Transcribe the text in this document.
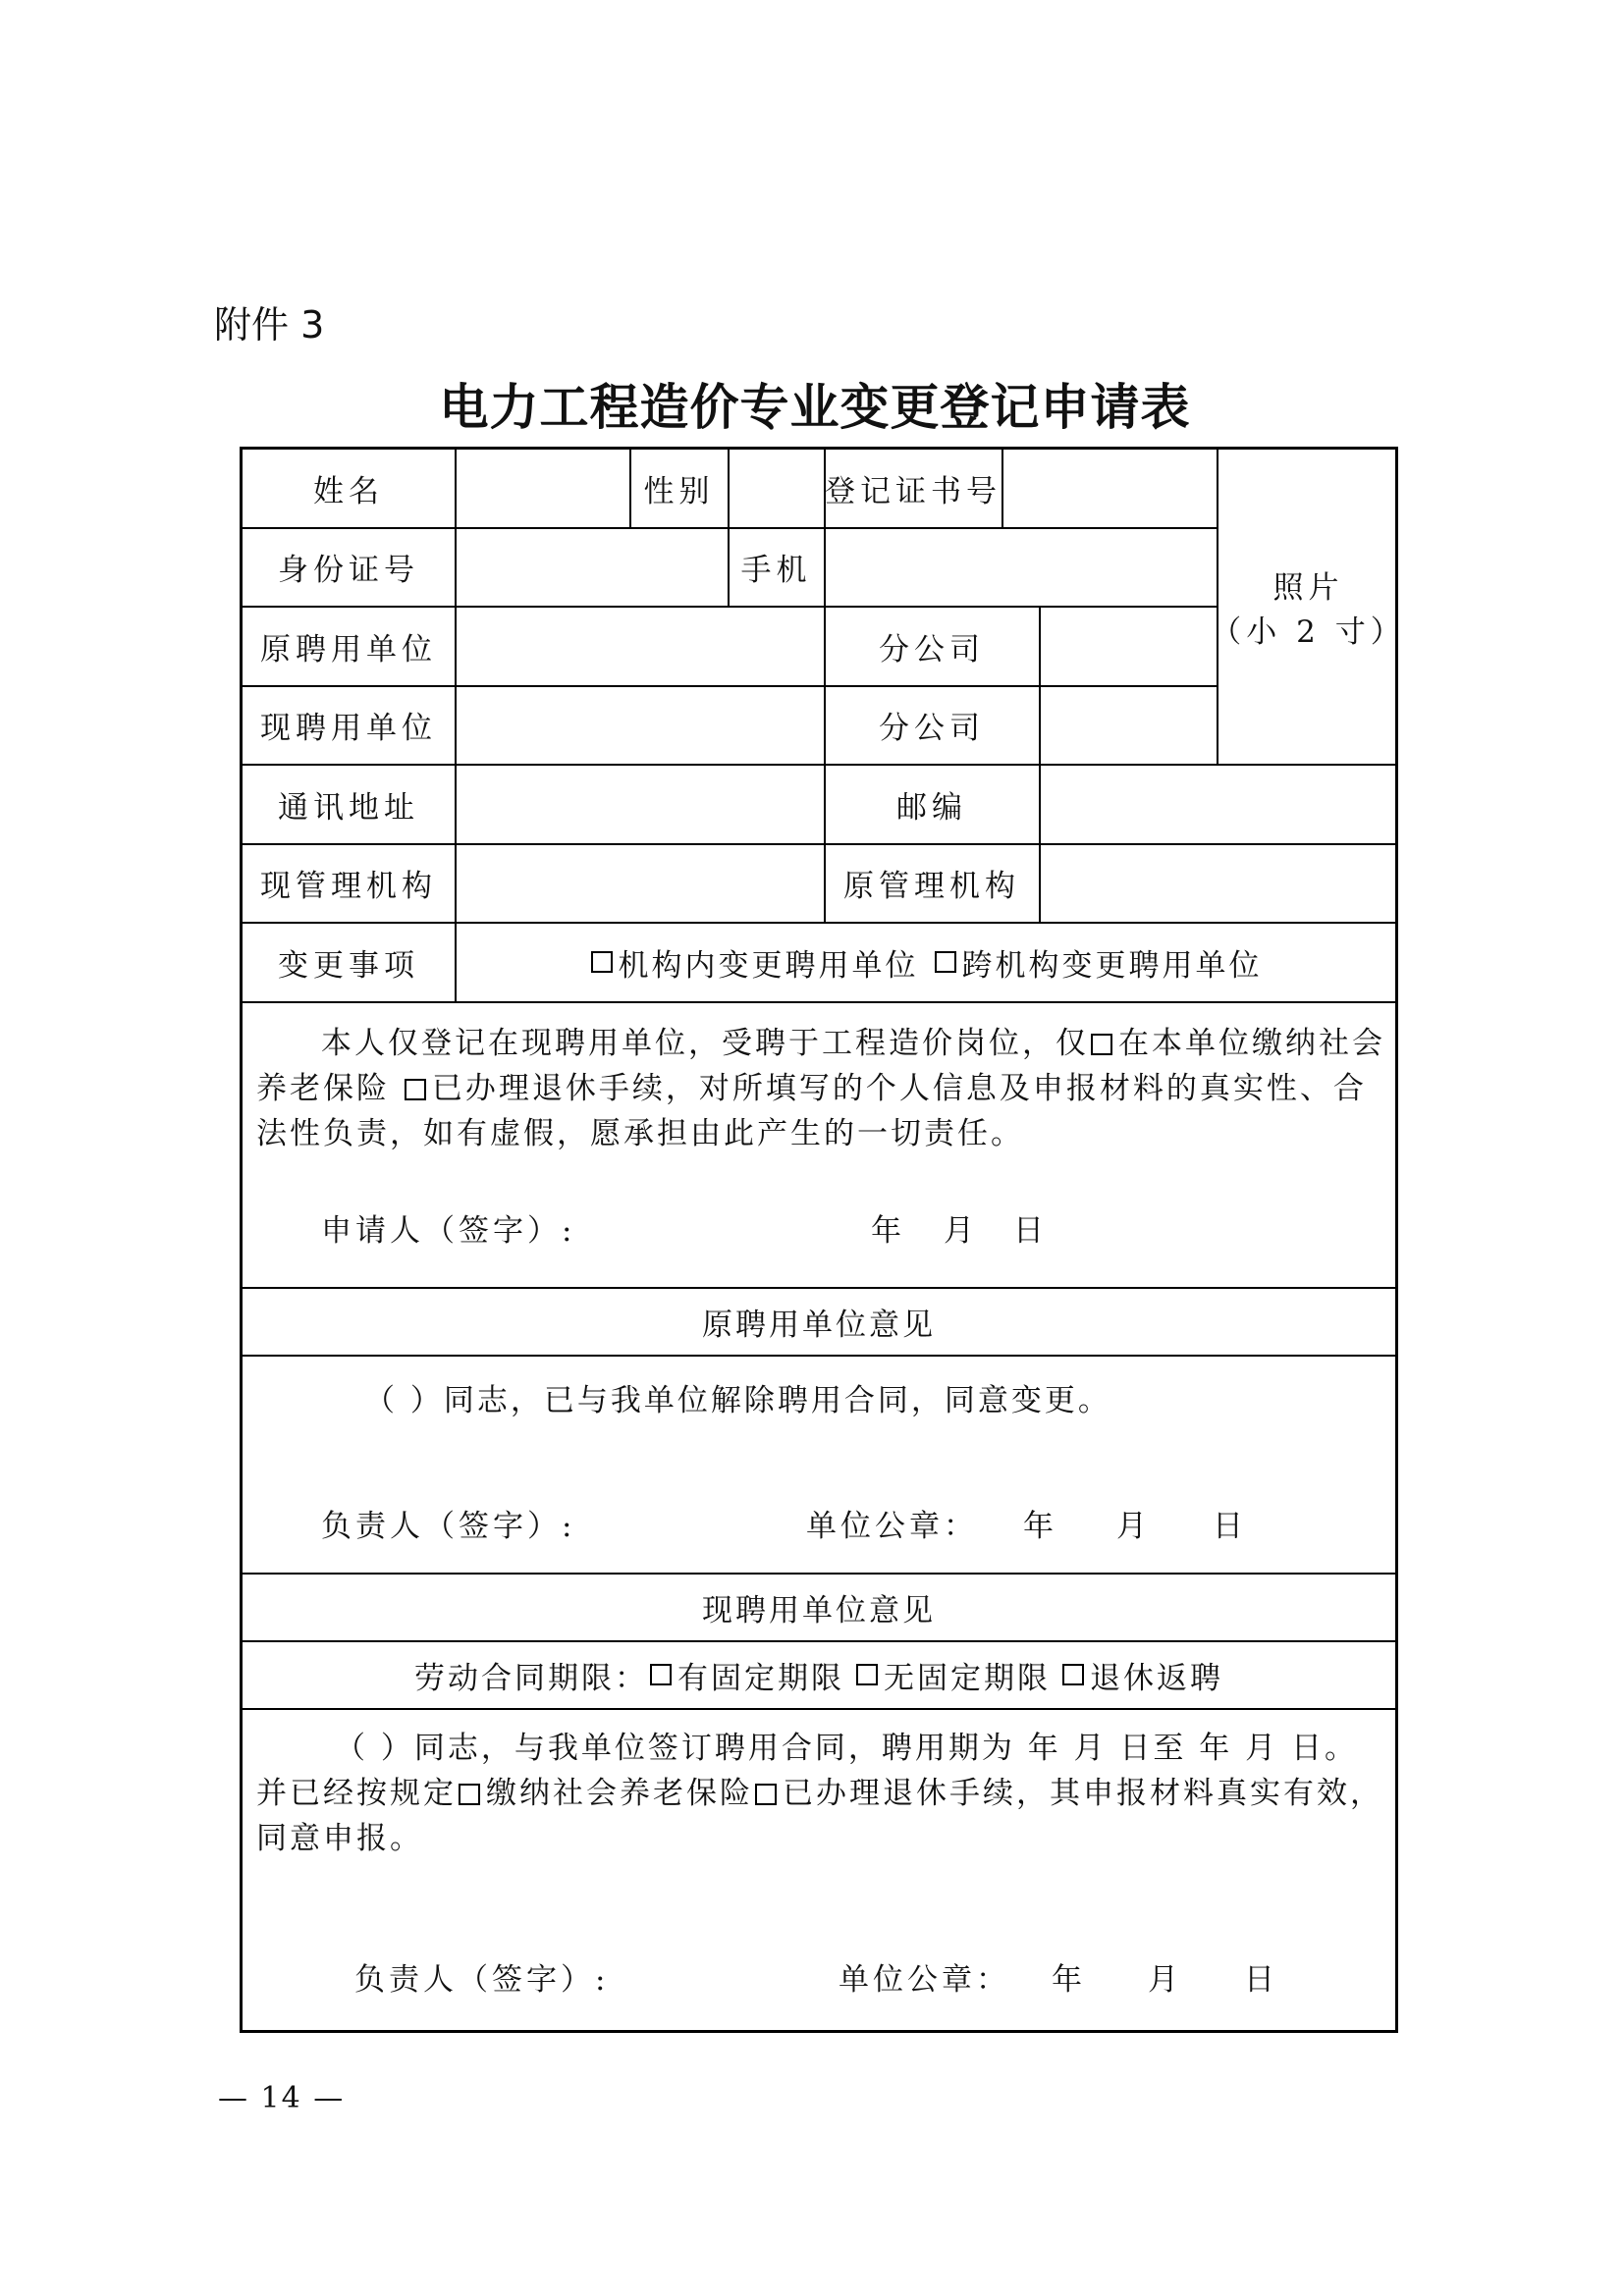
附件 3
电力工程造价专业变更登记申请表
姓名	性别	登记证书号
照片
（小 2 寸）
身份证号	手机
原聘用单位	分公司
现聘用单位	分公司
通讯地址	邮编
现管理机构	原管理机构
变更事项	机构内变更聘用单位 跨机构变更聘用单位
本人仅登记在现聘用单位，受聘于工程造价岗位，仅 在本单位缴纳社会养老保险 已办理退休手续，对所填写的个人信息及申报材料的真实性、合法性负责，如有虚假，愿承担由此产生的一切责任。
申请人（签字）:	年 月 日
原聘用单位意见
（ ）同志，已与我单位解除聘用合同，同意变更。
负责人（签字）:	单位公章： 年 月 日
现聘用单位意见
劳动合同期限： 有固定期限 无固定期限 退休返聘
（ ）同志，与我单位签订聘用合同，聘用期为 年 月 日至 年 月 日。并已经按规定 缴纳社会养老保险 已办理退休手续，其申报材料真实有效，同意申报。
负责人（签字）:	单位公章： 年 月 日
— 14 —
